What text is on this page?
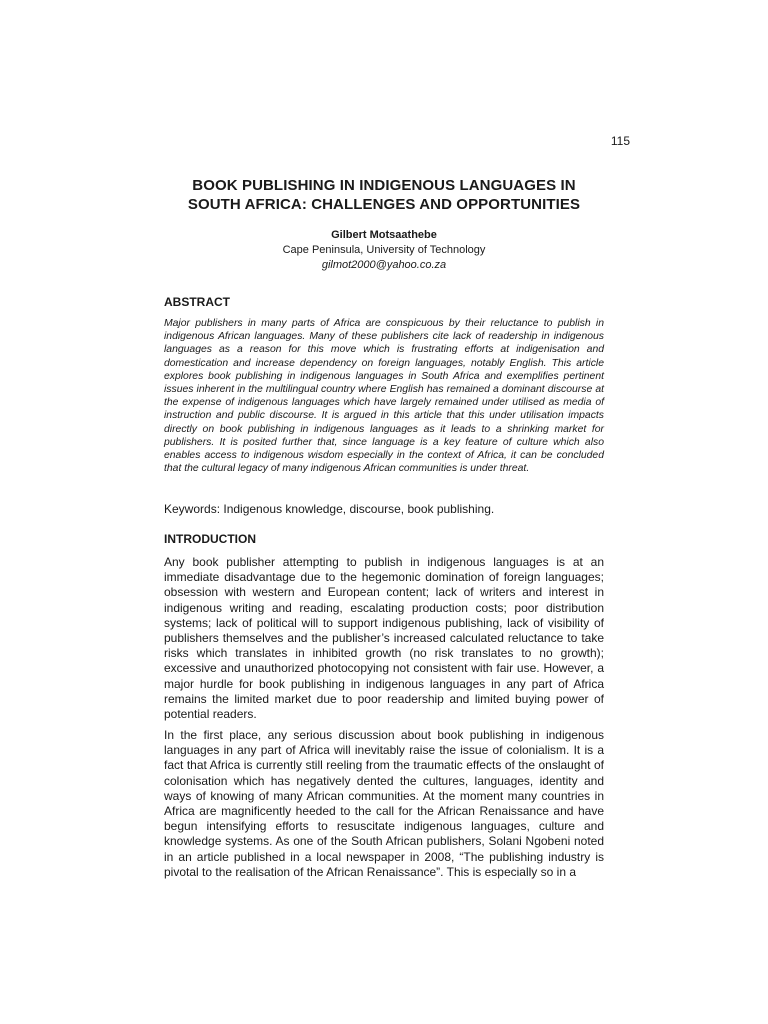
115
BOOK PUBLISHING IN INDIGENOUS LANGUAGES IN
SOUTH AFRICA: CHALLENGES AND OPPORTUNITIES
Gilbert Motsaathebe
Cape Peninsula, University of Technology
gilmot2000@yahoo.co.za
ABSTRACT
Major publishers in many parts of Africa are conspicuous by their reluctance to publish in indigenous African languages. Many of these publishers cite lack of readership in indigenous languages as a reason for this move which is frustrating efforts at indigenisation and domestication and increase dependency on foreign languages, notably English. This article explores book publishing in indigenous languages in South Africa and exemplifies pertinent issues inherent in the multilingual country where English has remained a dominant discourse at the expense of indigenous languages which have largely remained under utilised as media of instruction and public discourse. It is argued in this article that this under utilisation impacts directly on book publishing in indigenous languages as it leads to a shrinking market for publishers. It is posited further that, since language is a key feature of culture which also enables access to indigenous wisdom especially in the context of Africa, it can be concluded that the cultural legacy of many indigenous African communities is under threat.
Keywords: Indigenous knowledge, discourse, book publishing.
INTRODUCTION
Any book publisher attempting to publish in indigenous languages is at an immediate disadvantage due to the hegemonic domination of foreign languages; obsession with western and European content; lack of writers and interest in indigenous writing and reading, escalating production costs; poor distribution systems; lack of political will to support indigenous publishing, lack of visibility of publishers themselves and the publisher’s increased calculated reluctance to take risks which translates in inhibited growth (no risk translates to no growth); excessive and unauthorized photocopying not consistent with fair use. However, a major hurdle for book publishing in indigenous languages in any part of Africa remains the limited market due to poor readership and limited buying power of potential readers.
In the first place, any serious discussion about book publishing in indigenous languages in any part of Africa will inevitably raise the issue of colonialism. It is a fact that Africa is currently still reeling from the traumatic effects of the onslaught of colonisation which has negatively dented the cultures, languages, identity and ways of knowing of many African communities. At the moment many countries in Africa are magnificently heeded to the call for the African Renaissance and have begun intensifying efforts to resuscitate indigenous languages, culture and knowledge systems. As one of the South African publishers, Solani Ngobeni noted in an article published in a local newspaper in 2008, “The publishing industry is pivotal to the realisation of the African Renaissance”. This is especially so in a
